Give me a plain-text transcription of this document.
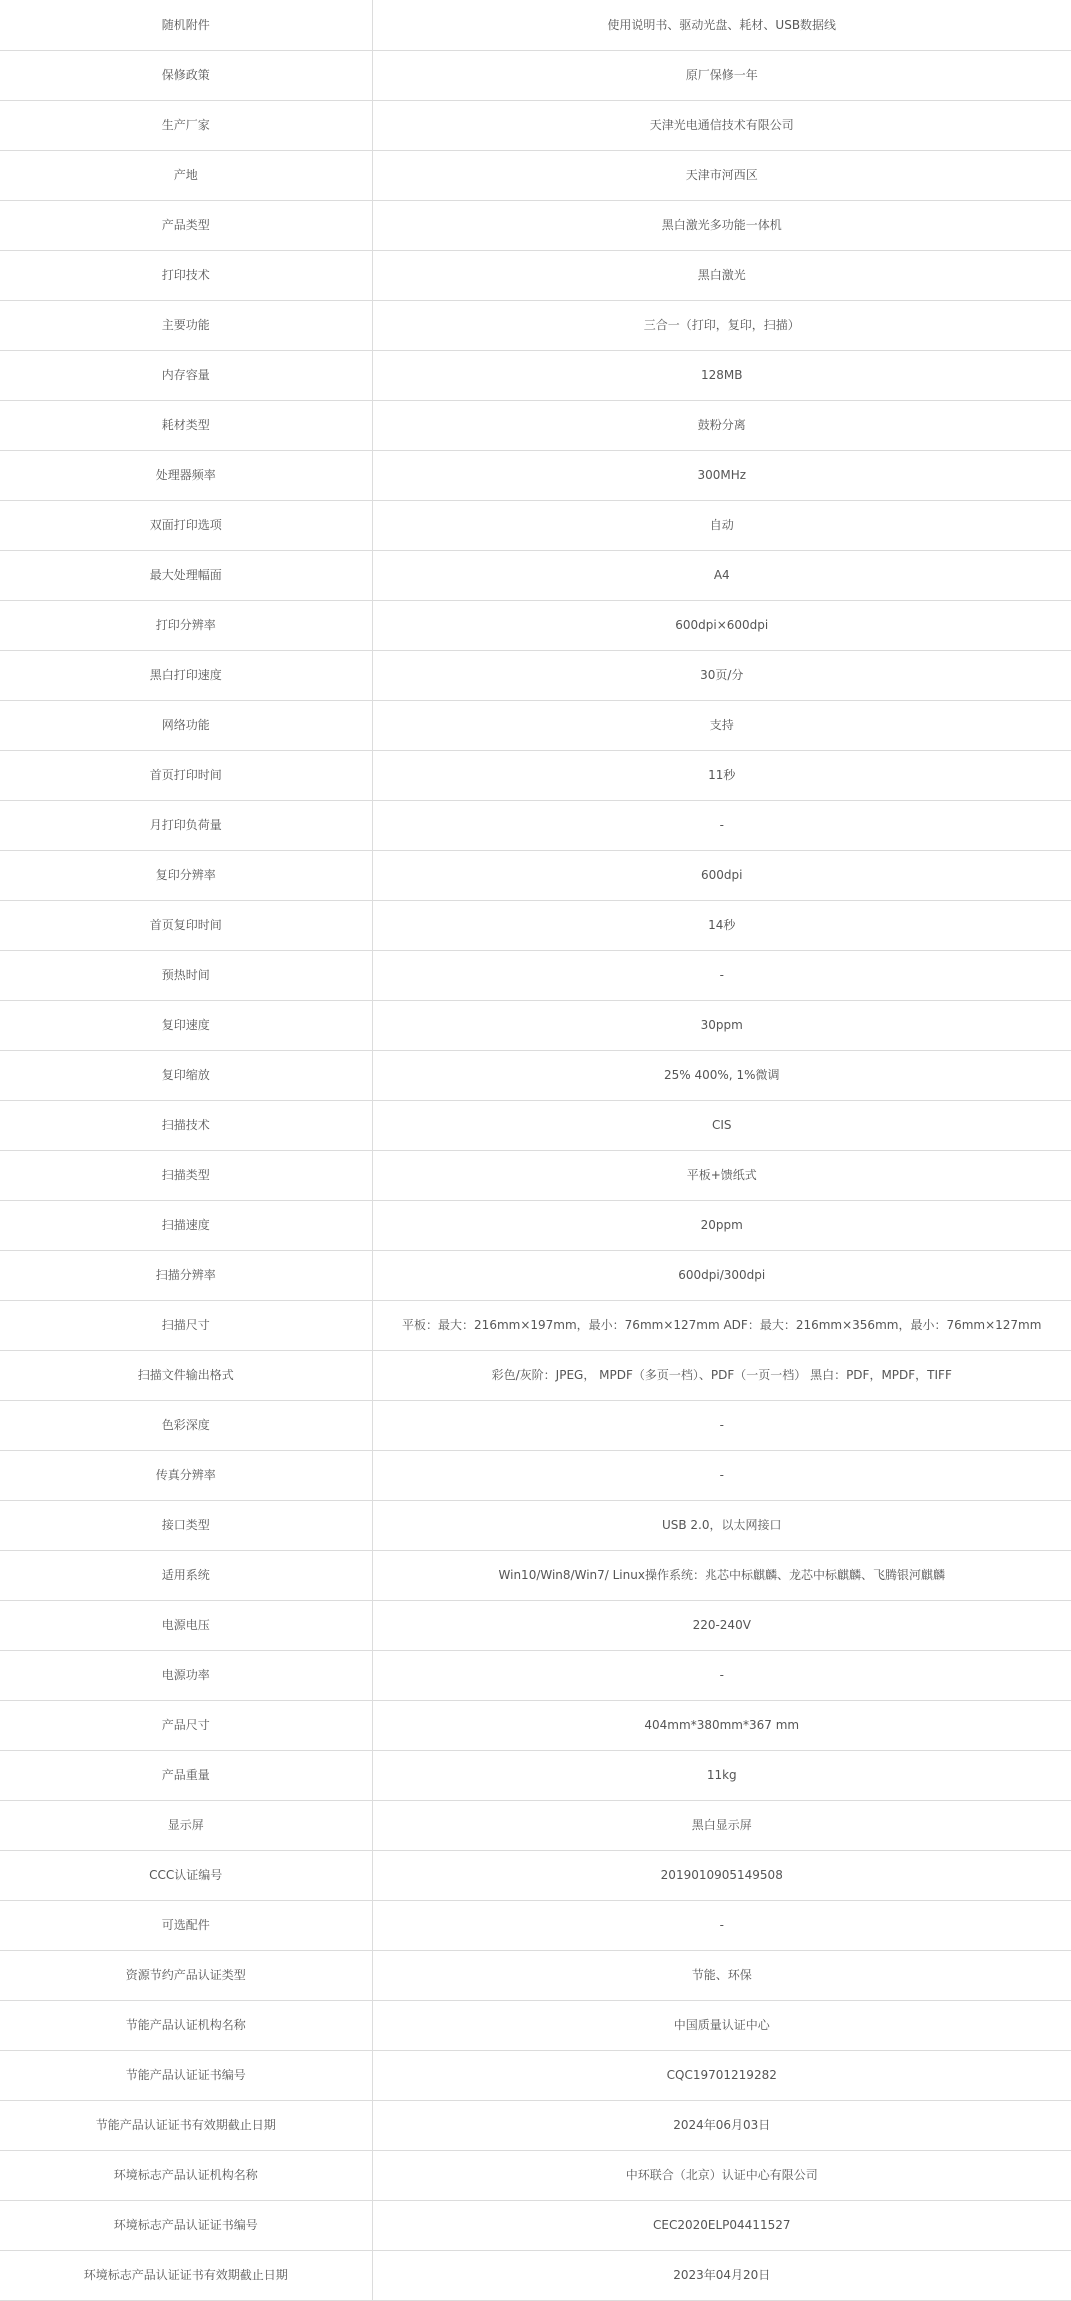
随机附件	使用说明书、驱动光盘、耗材、USB数据线
保修政策	原厂保修一年
生产厂家	天津光电通信技术有限公司
产地	天津市河西区
产品类型	黑白激光多功能一体机
打印技术	黑白激光
主要功能	三合一（打印，复印，扫描）
内存容量	128MB
耗材类型	鼓粉分离
处理器频率	300MHz
双面打印选项	自动
最大处理幅面	A4
打印分辨率	600dpi×600dpi
黑白打印速度	30页/分
网络功能	支持
首页打印时间	11秒
月打印负荷量	-
复印分辨率	600dpi
首页复印时间	14秒
预热时间	-
复印速度	30ppm
复印缩放	25% 400%, 1%微调
扫描技术	CIS
扫描类型	平板+馈纸式
扫描速度	20ppm
扫描分辨率	600dpi/300dpi
扫描尺寸	平板：最大：216mm×197mm，最小：76mm×127mm ADF：最大：216mm×356mm，最小：76mm×127mm
扫描文件输出格式	彩色/灰阶：JPEG， MPDF（多页一档）、PDF（一页一档） 黑白：PDF，MPDF，TIFF
色彩深度	-
传真分辨率	-
接口类型	USB 2.0，以太网接口
适用系统	Win10/Win8/Win7/ Linux操作系统：兆芯中标麒麟、龙芯中标麒麟、飞腾银河麒麟
电源电压	220-240V
电源功率	-
产品尺寸	404mm*380mm*367 mm
产品重量	11kg
显示屏	黑白显示屏
CCC认证编号	2019010905149508
可选配件	-
资源节约产品认证类型	节能、环保
节能产品认证机构名称	中国质量认证中心
节能产品认证证书编号	CQC19701219282
节能产品认证证书有效期截止日期	2024年06月03日
环境标志产品认证机构名称	中环联合（北京）认证中心有限公司
环境标志产品认证证书编号	CEC2020ELP04411527
环境标志产品认证证书有效期截止日期	2023年04月20日
